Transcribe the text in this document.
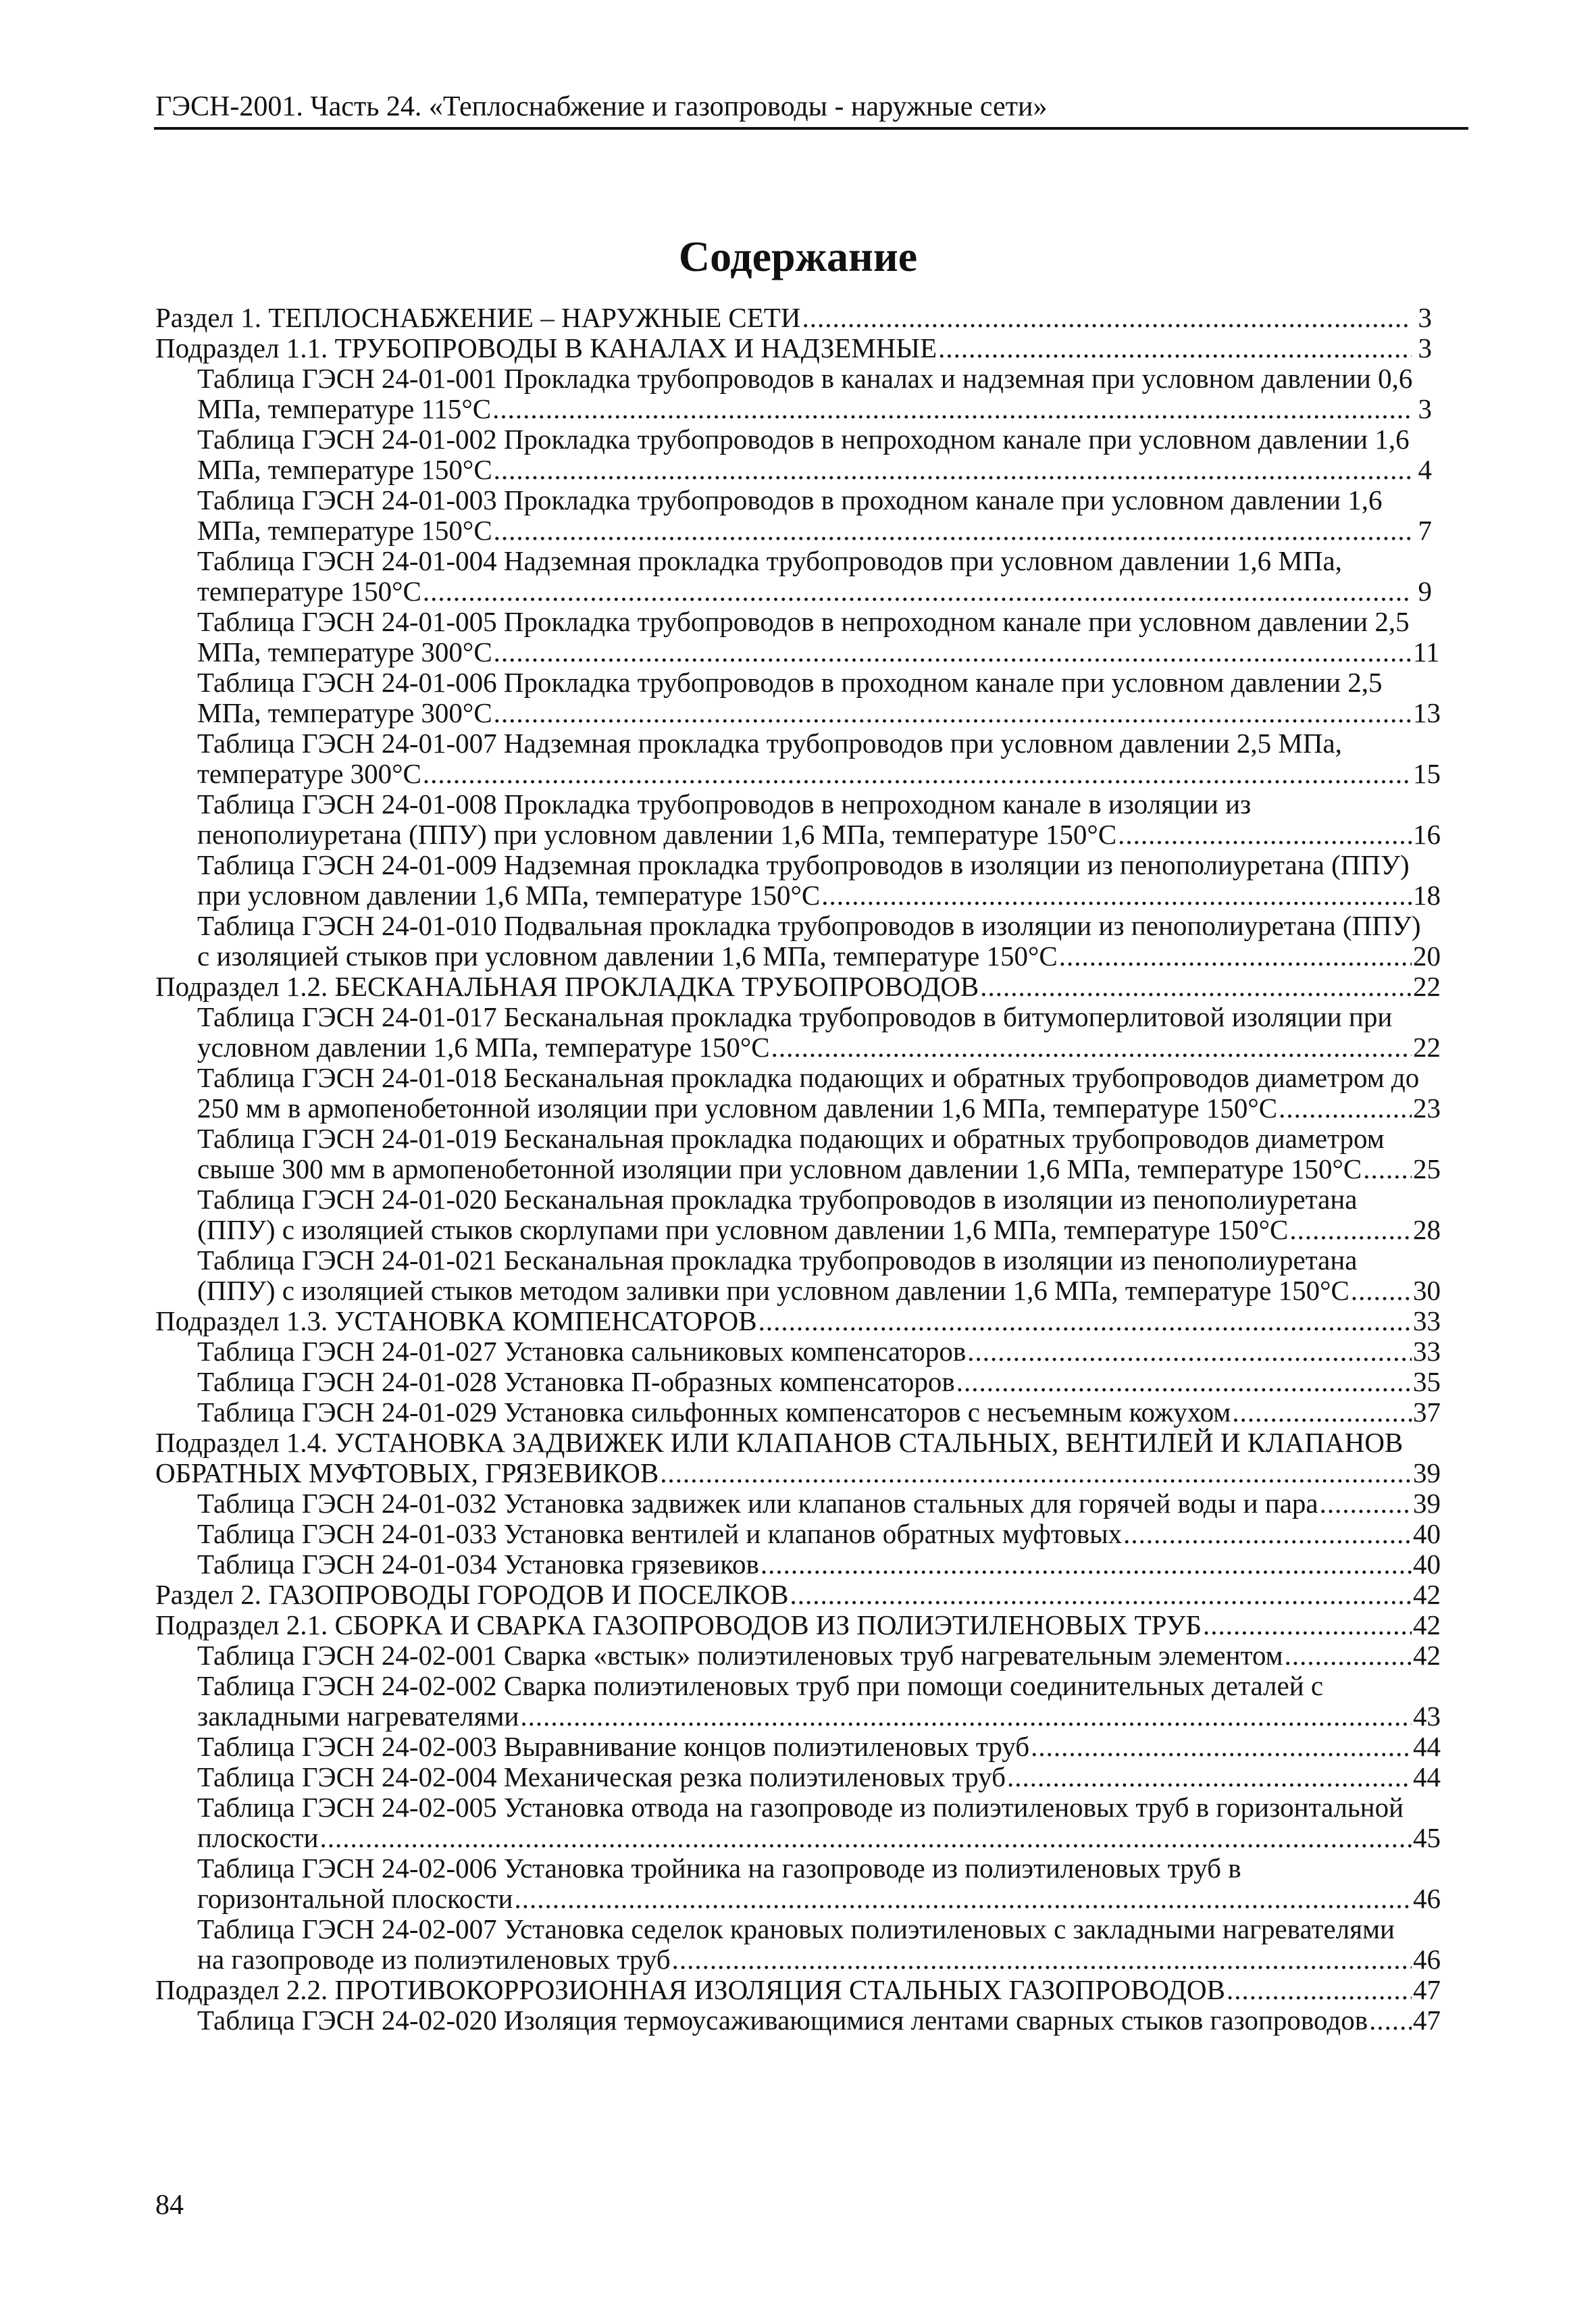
ГЭСН-2001. Часть 24. «Теплоснабжение и газопроводы - наружные сети»
Содержание
Раздел 1. ТЕПЛОСНАБЖЕНИЕ – НАРУЖНЫЕ СЕТИ .....	3
Подраздел 1.1. ТРУБОПРОВОДЫ В КАНАЛАХ И НАДЗЕМНЫЕ .....	3
Таблица ГЭСН 24-01-001 Прокладка трубопроводов в каналах и надземная при условном давлении 0,6
МПа, температуре 115°C .....	3
Таблица ГЭСН 24-01-002 Прокладка трубопроводов в непроходном канале при условном давлении 1,6
МПа, температуре 150°C .....	4
Таблица ГЭСН 24-01-003 Прокладка трубопроводов в проходном канале при условном давлении 1,6
МПа, температуре 150°C .....	7
Таблица ГЭСН 24-01-004 Надземная прокладка трубопроводов при условном давлении 1,6 МПа,
температуре 150°C .....	9
Таблица ГЭСН 24-01-005 Прокладка трубопроводов в непроходном канале при условном давлении 2,5
МПа, температуре 300°C .....	11
Таблица ГЭСН 24-01-006 Прокладка трубопроводов в проходном канале при условном давлении 2,5
МПа, температуре 300°C .....	13
Таблица ГЭСН 24-01-007 Надземная прокладка трубопроводов при условном давлении 2,5 МПа,
температуре 300°C .....	15
Таблица ГЭСН 24-01-008 Прокладка трубопроводов в непроходном канале в изоляции из
пенополиуретана (ППУ) при условном давлении 1,6 МПа, температуре 150°C .....	16
Таблица ГЭСН 24-01-009 Надземная прокладка трубопроводов в изоляции из пенополиуретана (ППУ)
при условном давлении 1,6 МПа, температуре 150°C .....	18
Таблица ГЭСН 24-01-010 Подвальная прокладка трубопроводов в изоляции из пенополиуретана (ППУ)
с изоляцией стыков при условном давлении 1,6 МПа, температуре 150°C .....	20
Подраздел 1.2. БЕСКАНАЛЬНАЯ ПРОКЛАДКА ТРУБОПРОВОДОВ .....	22
Таблица ГЭСН 24-01-017 Бесканальная прокладка трубопроводов в битумоперлитовой изоляции при
условном давлении 1,6 МПа, температуре 150°C .....	22
Таблица ГЭСН 24-01-018 Бесканальная прокладка подающих и обратных трубопроводов диаметром до
250 мм в армопенобетонной изоляции при условном давлении 1,6 МПа, температуре 150°C .....	23
Таблица ГЭСН 24-01-019 Бесканальная прокладка подающих и обратных трубопроводов диаметром
свыше 300 мм в армопенобетонной изоляции при условном давлении 1,6 МПа, температуре 150°C ..... 25
Таблица ГЭСН 24-01-020 Бесканальная прокладка трубопроводов в изоляции из пенополиуретана
(ППУ) с изоляцией стыков скорлупами при условном давлении 1,6 МПа, температуре 150°C .....	28
Таблица ГЭСН 24-01-021 Бесканальная прокладка трубопроводов в изоляции из пенополиуретана
(ППУ) с изоляцией стыков методом заливки при условном давлении 1,6 МПа, температуре 150°C ..... 30
Подраздел 1.3. УСТАНОВКА КОМПЕНСАТОРОВ .....	33
Таблица ГЭСН 24-01-027 Установка сальниковых компенсаторов .....	33
Таблица ГЭСН 24-01-028 Установка П-образных компенсаторов .....	35
Таблица ГЭСН 24-01-029 Установка сильфонных компенсаторов с несъемным кожухом .....	37
Подраздел 1.4. УСТАНОВКА ЗАДВИЖЕК ИЛИ КЛАПАНОВ СТАЛЬНЫХ, ВЕНТИЛЕЙ И КЛАПАНОВ
ОБРАТНЫХ МУФТОВЫХ, ГРЯЗЕВИКОВ .....	39
Таблица ГЭСН 24-01-032 Установка задвижек или клапанов стальных для горячей воды и пара .....	39
Таблица ГЭСН 24-01-033 Установка вентилей и клапанов обратных муфтовых .....	40
Таблица ГЭСН 24-01-034 Установка грязевиков .....	40
Раздел 2. ГАЗОПРОВОДЫ ГОРОДОВ И ПОСЕЛКОВ .....	42
Подраздел 2.1. СБОРКА И СВАРКА ГАЗОПРОВОДОВ ИЗ ПОЛИЭТИЛЕНОВЫХ ТРУБ .....	42
Таблица ГЭСН 24-02-001 Сварка «встык» полиэтиленовых труб нагревательным элементом .....	42
Таблица ГЭСН 24-02-002 Сварка полиэтиленовых труб при помощи соединительных деталей с
закладными нагревателями .....	43
Таблица ГЭСН 24-02-003 Выравнивание концов полиэтиленовых труб .....	44
Таблица ГЭСН 24-02-004 Механическая резка полиэтиленовых труб .....	44
Таблица ГЭСН 24-02-005 Установка отвода на газопроводе из полиэтиленовых труб в горизонтальной
плоскости .....	45
Таблица ГЭСН 24-02-006 Установка тройника на газопроводе из полиэтиленовых труб в
горизонтальной плоскости .....	46
Таблица ГЭСН 24-02-007 Установка седелок крановых полиэтиленовых с закладными нагревателями
на газопроводе из полиэтиленовых труб .....	46
Подраздел 2.2. ПРОТИВОКОРРОЗИОННАЯ ИЗОЛЯЦИЯ СТАЛЬНЫХ ГАЗОПРОВОДОВ .....	47
Таблица ГЭСН 24-02-020 Изоляция термоусаживающимися лентами сварных стыков газопроводов ..... 47
84
